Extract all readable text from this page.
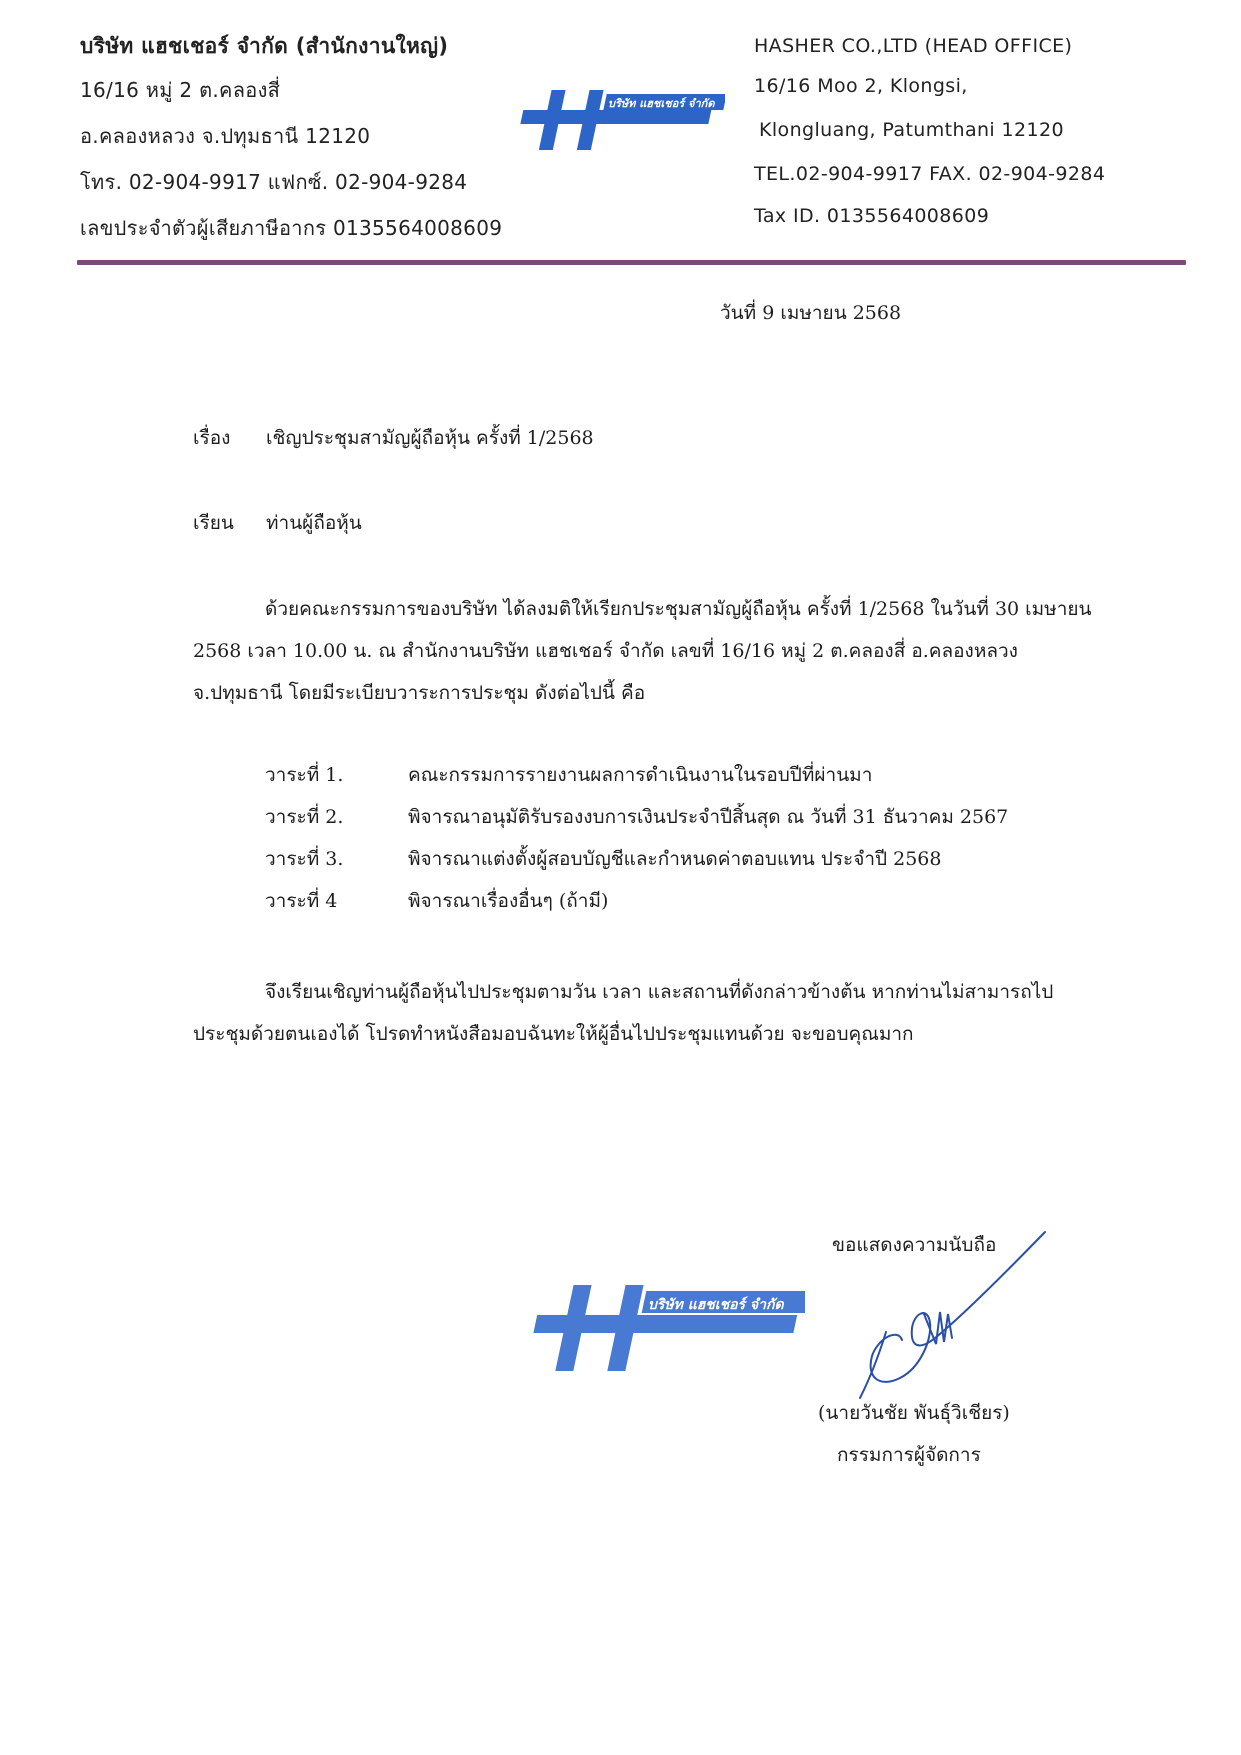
บริษัท แฮชเชอร์ จำกัด (สำนักงานใหญ่)
16/16 หมู่ 2 ต.คลองสี่
อ.คลองหลวง จ.ปทุมธานี 12120
โทร. 02-904-9917 แฟกซ์. 02-904-9284
เลขประจำตัวผู้เสียภาษีอากร 0135564008609
บริษัท แฮชเชอร์ จำกัด
HASHER CO.,LTD (HEAD OFFICE)
16/16 Moo 2, Klongsi,
Klongluang, Patumthani 12120
TEL.02-904-9917 FAX. 02-904-9284
Tax ID. 0135564008609
วันที่ 9 เมษายน 2568
เรื่อง เชิญประชุมสามัญผู้ถือหุ้น ครั้งที่ 1/2568
เรียน ท่านผู้ถือหุ้น
ด้วยคณะกรรมการของบริษัท ได้ลงมติให้เรียกประชุมสามัญผู้ถือหุ้น ครั้งที่ 1/2568 ในวันที่ 30 เมษายน
2568 เวลา 10.00 น. ณ สำนักงานบริษัท แฮชเชอร์ จำกัด เลขที่ 16/16 หมู่ 2 ต.คลองสี่ อ.คลองหลวง
จ.ปทุมธานี โดยมีระเบียบวาระการประชุม ดังต่อไปนี้ คือ
วาระที่ 1.	คณะกรรมการรายงานผลการดำเนินงานในรอบปีที่ผ่านมา
วาระที่ 2.	พิจารณาอนุมัติรับรองงบการเงินประจำปีสิ้นสุด ณ วันที่ 31 ธันวาคม 2567
วาระที่ 3.	พิจารณาแต่งตั้งผู้สอบบัญชีและกำหนดค่าตอบแทน ประจำปี 2568
วาระที่ 4	พิจารณาเรื่องอื่นๆ (ถ้ามี)
จึงเรียนเชิญท่านผู้ถือหุ้นไปประชุมตามวัน เวลา และสถานที่ดังกล่าวข้างต้น หากท่านไม่สามารถไป
ประชุมด้วยตนเองได้ โปรดทำหนังสือมอบฉันทะให้ผู้อื่นไปประชุมแทนด้วย จะขอบคุณมาก
ขอแสดงความนับถือ
บริษัท แฮชเชอร์ จำกัด
(นายวันชัย พันธุ์วิเชียร)
กรรมการผู้จัดการ
